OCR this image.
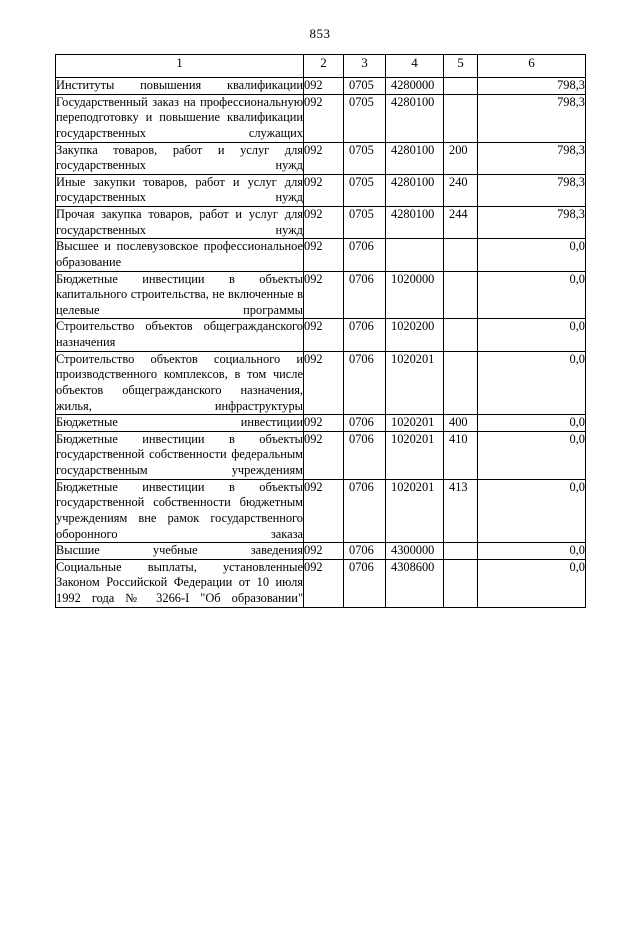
853
1	2	3	4	5	6
Институты повышения квалификации	092	0705	4280000		798,3
Государственный заказ на профессиональную переподготовку и повышение квалификации государственных служащих	092	0705	4280100		798,3
Закупка товаров, работ и услуг для государственных нужд	092	0705	4280100	200	798,3
Иные закупки товаров, работ и услуг для государственных нужд	092	0705	4280100	240	798,3
Прочая закупка товаров, работ и услуг для государственных нужд	092	0705	4280100	244	798,3
Высшее и послевузовское профессиональное образование	092	0706			0,0
Бюджетные инвестиции в объекты капитального строительства, не включенные в целевые программы	092	0706	1020000		0,0
Строительство объектов общегражданского назначения	092	0706	1020200		0,0
Строительство объектов социального и производственного комплексов, в том числе объектов общегражданского назначения, жилья, инфраструктуры	092	0706	1020201		0,0
Бюджетные инвестиции	092	0706	1020201	400	0,0
Бюджетные инвестиции в объекты государственной собственности федеральным государственным учреждениям	092	0706	1020201	410	0,0
Бюджетные инвестиции в объекты государственной собственности бюджетным учреждениям вне рамок государственного оборонного заказа	092	0706	1020201	413	0,0
Высшие учебные заведения	092	0706	4300000		0,0
Социальные выплаты, установленные Законом Российской Федерации от 10 июля 1992 года № 3266-I "Об образовании"	092	0706	4308600		0,0
